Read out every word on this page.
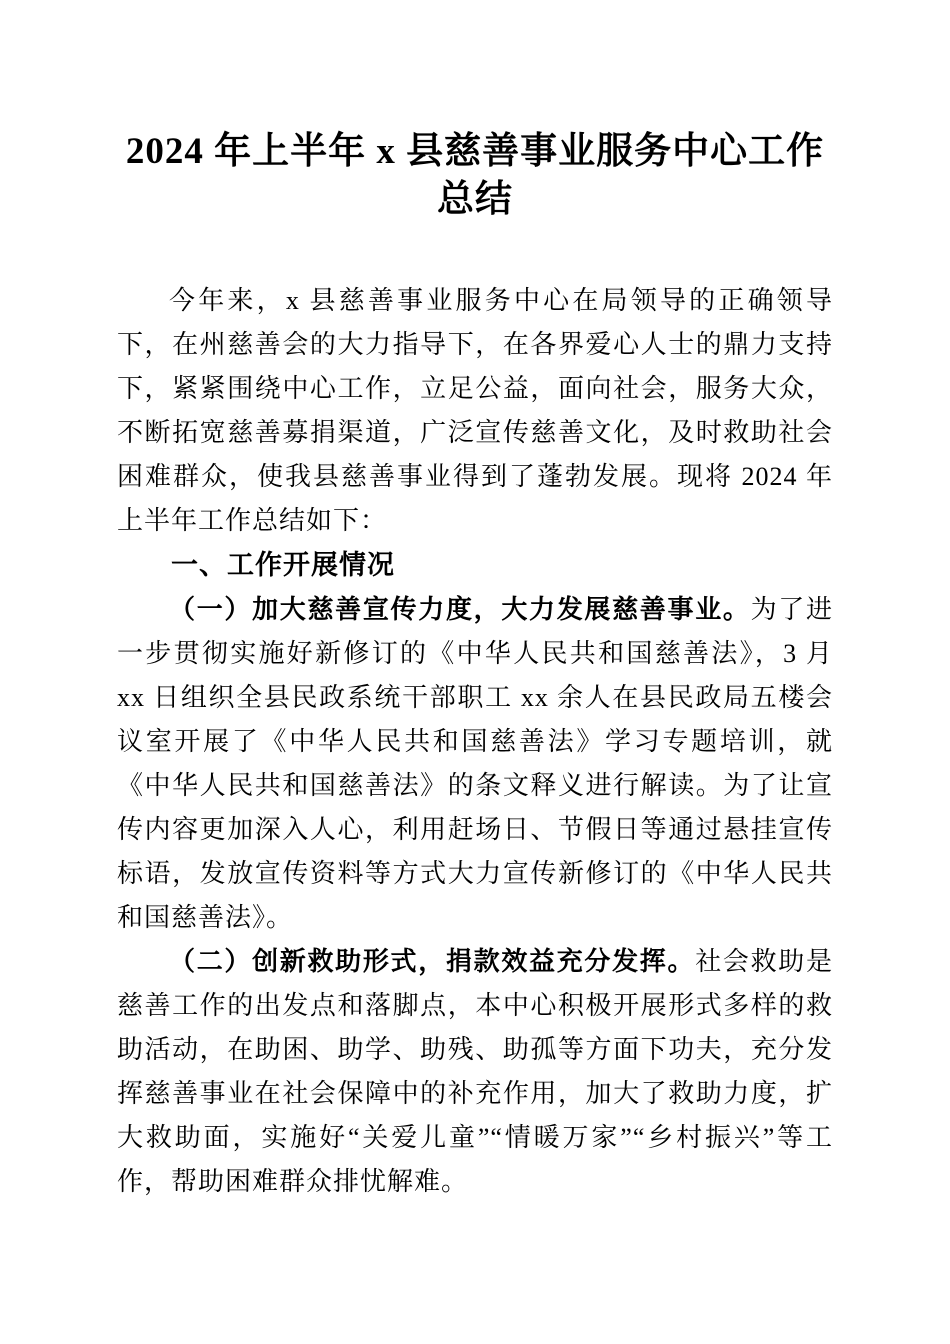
2024 年上半年 x 县慈善事业服务中心工作总结

今年来，x 县慈善事业服务中心在局领导的正确领导下，在州慈善会的大力指导下，在各界爱心人士的鼎力支持下，紧紧围绕中心工作，立足公益，面向社会，服务大众，不断拓宽慈善募捐渠道，广泛宣传慈善文化，及时救助社会困难群众，使我县慈善事业得到了蓬勃发展。现将 2024 年上半年工作总结如下：

一、工作开展情况

（一）加大慈善宣传力度，大力发展慈善事业。为了进一步贯彻实施好新修订的《中华人民共和国慈善法》，3 月 xx 日组织全县民政系统干部职工 xx 余人在县民政局五楼会议室开展了《中华人民共和国慈善法》学习专题培训，就《中华人民共和国慈善法》的条文释义进行解读。为了让宣传内容更加深入人心，利用赶场日、节假日等通过悬挂宣传标语，发放宣传资料等方式大力宣传新修订的《中华人民共和国慈善法》。

（二）创新救助形式，捐款效益充分发挥。社会救助是慈善工作的出发点和落脚点，本中心积极开展形式多样的救助活动，在助困、助学、助残、助孤等方面下功夫，充分发挥慈善事业在社会保障中的补充作用，加大了救助力度，扩大救助面，实施好“关爱儿童”“情暖万家”“乡村振兴”等工作，帮助困难群众排忧解难。
